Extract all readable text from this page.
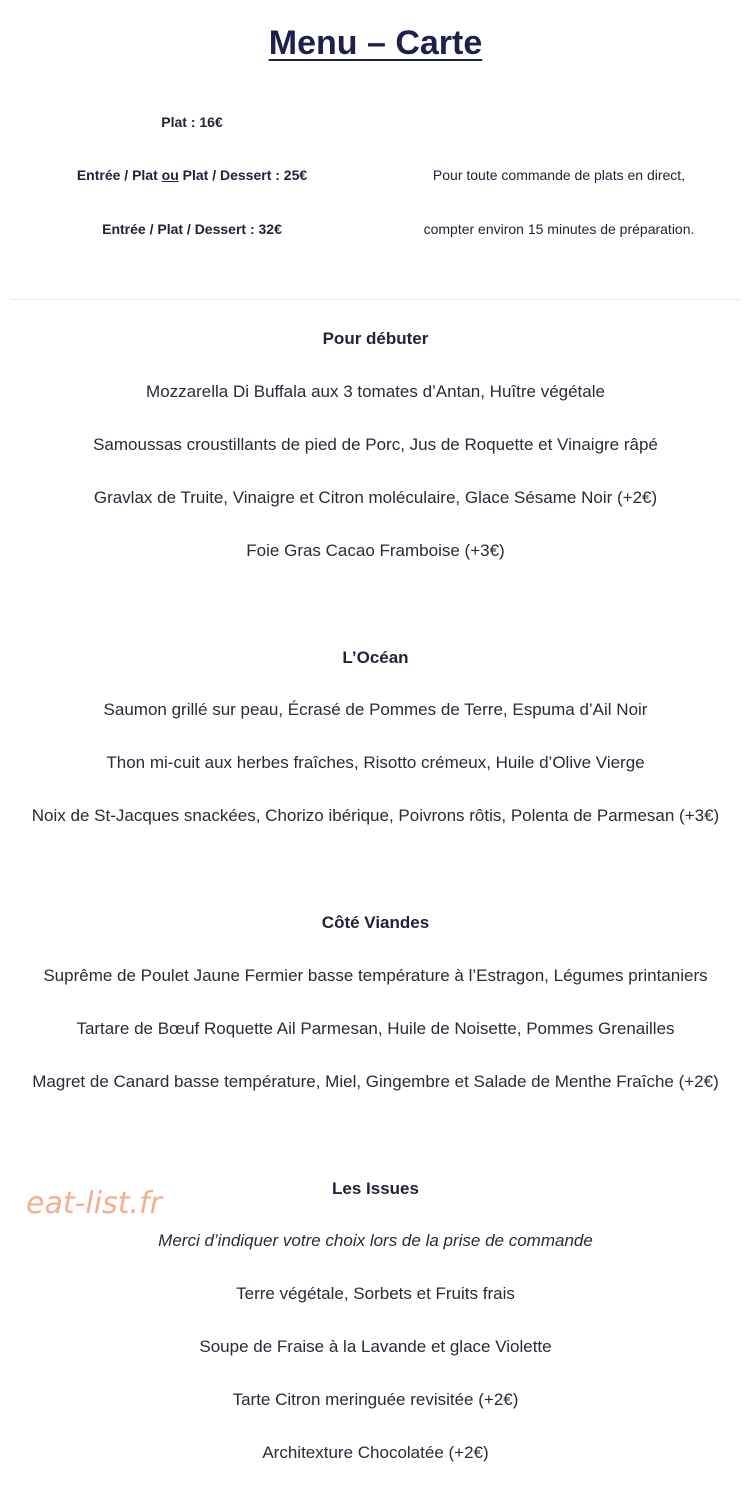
Menu – Carte
Plat : 16€
Entrée / Plat ou Plat / Dessert : 25€
Entrée / Plat / Dessert : 32€
Pour toute commande de plats en direct,
compter environ 15 minutes de préparation.
Pour débuter
Mozzarella Di Buffala aux 3 tomates d’Antan, Huître végétale
Samoussas croustillants de pied de Porc, Jus de Roquette et Vinaigre râpé
Gravlax de Truite, Vinaigre et Citron moléculaire, Glace Sésame Noir (+2€)
Foie Gras Cacao Framboise (+3€)
L’Océan
Saumon grillé sur peau, Écrasé de Pommes de Terre, Espuma d’Ail Noir
Thon mi-cuit aux herbes fraîches, Risotto crémeux, Huile d’Olive Vierge
Noix de St-Jacques snackées, Chorizo ibérique, Poivrons rôtis, Polenta de Parmesan (+3€)
Côté Viandes
Suprême de Poulet Jaune Fermier basse température à l’Estragon, Légumes printaniers
Tartare de Bœuf Roquette Ail Parmesan, Huile de Noisette, Pommes Grenailles
Magret de Canard basse température, Miel, Gingembre et Salade de Menthe Fraîche (+2€)
Les Issues
Merci d’indiquer votre choix lors de la prise de commande
Terre végétale, Sorbets et Fruits frais
Soupe de Fraise à la Lavande et glace Violette
Tarte Citron meringuée revisitée (+2€)
Architexture Chocolatée (+2€)
eat-list.fr
